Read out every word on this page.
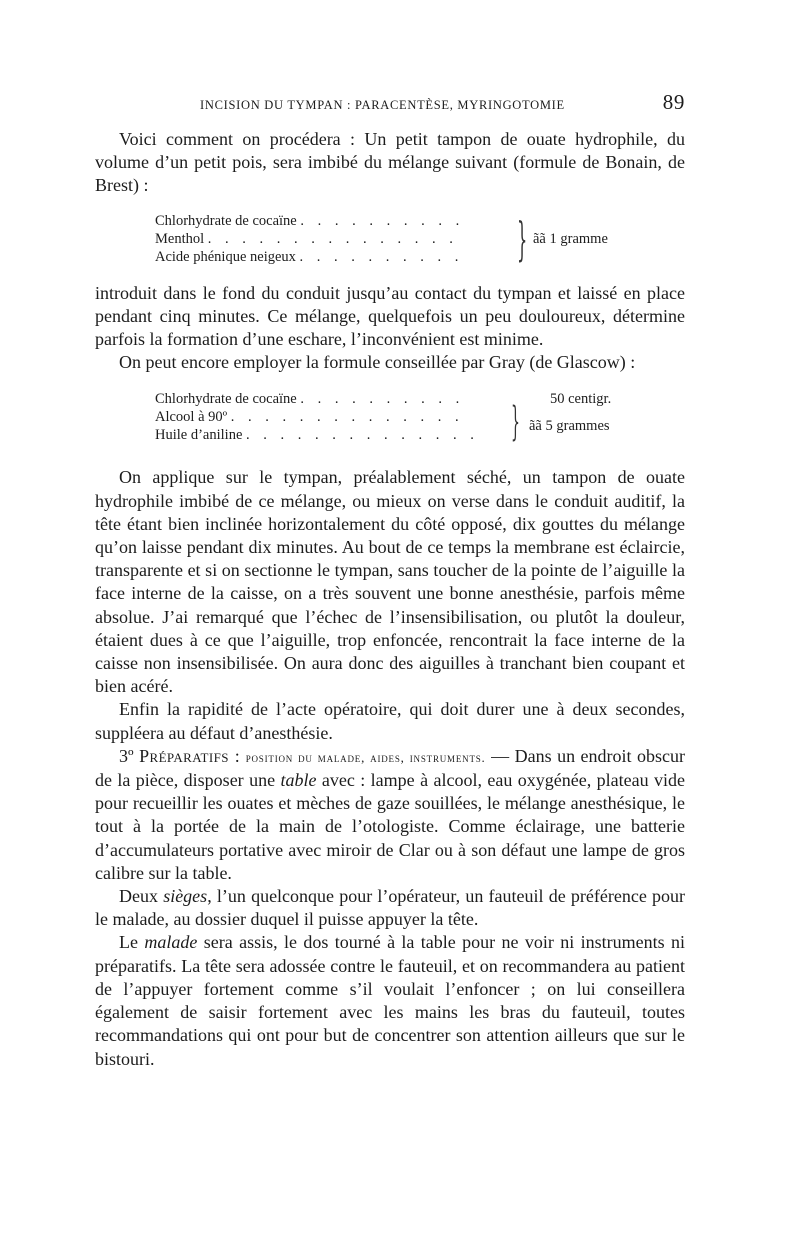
INCISION DU TYMPAN : PARACENTÈSE, MYRINGOTOMIE	89

Voici comment on procédera : Un petit tampon de ouate hydrophile, du volume d’un petit pois, sera imbibé du mélange suivant (formule de Bonain, de Brest) :

Chlorhydrate de cocaïne . . . . . . . . . .
Menthol . . . . . . . . . . . . . . .
Acide phénique neigeux . . . . . . . . . .	} ãã 1 gramme

introduit dans le fond du conduit jusqu’au contact du tympan et laissé en place pendant cinq minutes. Ce mélange, quelquefois un peu douloureux, détermine parfois la formation d’une eschare, l’inconvénient est minime.

On peut encore employer la formule conseillée par Gray (de Glascow) :

Chlorhydrate de cocaïne . . . . . . . . . .	50 centigr.
Alcool à 90º . . . . . . . . . . . . . .
Huile d’aniline . . . . . . . . . . . . . . } ãã 5 grammes

On applique sur le tympan, préalablement séché, un tampon de ouate hydrophile imbibé de ce mélange, ou mieux on verse dans le conduit auditif, la tête étant bien inclinée horizontalement du côté opposé, dix gouttes du mélange qu’on laisse pendant dix minutes. Au bout de ce temps la membrane est éclaircie, transparente et si on sectionne le tympan, sans toucher de la pointe de l’aiguille la face interne de la caisse, on a très souvent une bonne anesthésie, parfois même absolue. J’ai remarqué que l’échec de l’insensibilisation, ou plutôt la douleur, étaient dues à ce que l’aiguille, trop enfoncée, rencontrait la face interne de la caisse non insensibilisée. On aura donc des aiguilles à tranchant bien coupant et bien acéré.

Enfin la rapidité de l’acte opératoire, qui doit durer une à deux secondes, suppléera au défaut d’anesthésie.

3º Préparatifs : position du malade, aides, instruments. — Dans un endroit obscur de la pièce, disposer une table avec : lampe à alcool, eau oxygénée, plateau vide pour recueillir les ouates et mèches de gaze souillées, le mélange anesthésique, le tout à la portée de la main de l’otologiste. Comme éclairage, une batterie d’accumulateurs portative avec miroir de Clar ou à son défaut une lampe de gros calibre sur la table.

Deux sièges, l’un quelconque pour l’opérateur, un fauteuil de préférence pour le malade, au dossier duquel il puisse appuyer la tête.

Le malade sera assis, le dos tourné à la table pour ne voir ni instruments ni préparatifs. La tête sera adossée contre le fauteuil, et on recommandera au patient de l’appuyer fortement comme s’il voulait l’enfoncer ; on lui conseillera également de saisir fortement avec les mains les bras du fauteuil, toutes recommandations qui ont pour but de concentrer son attention ailleurs que sur le bistouri.
